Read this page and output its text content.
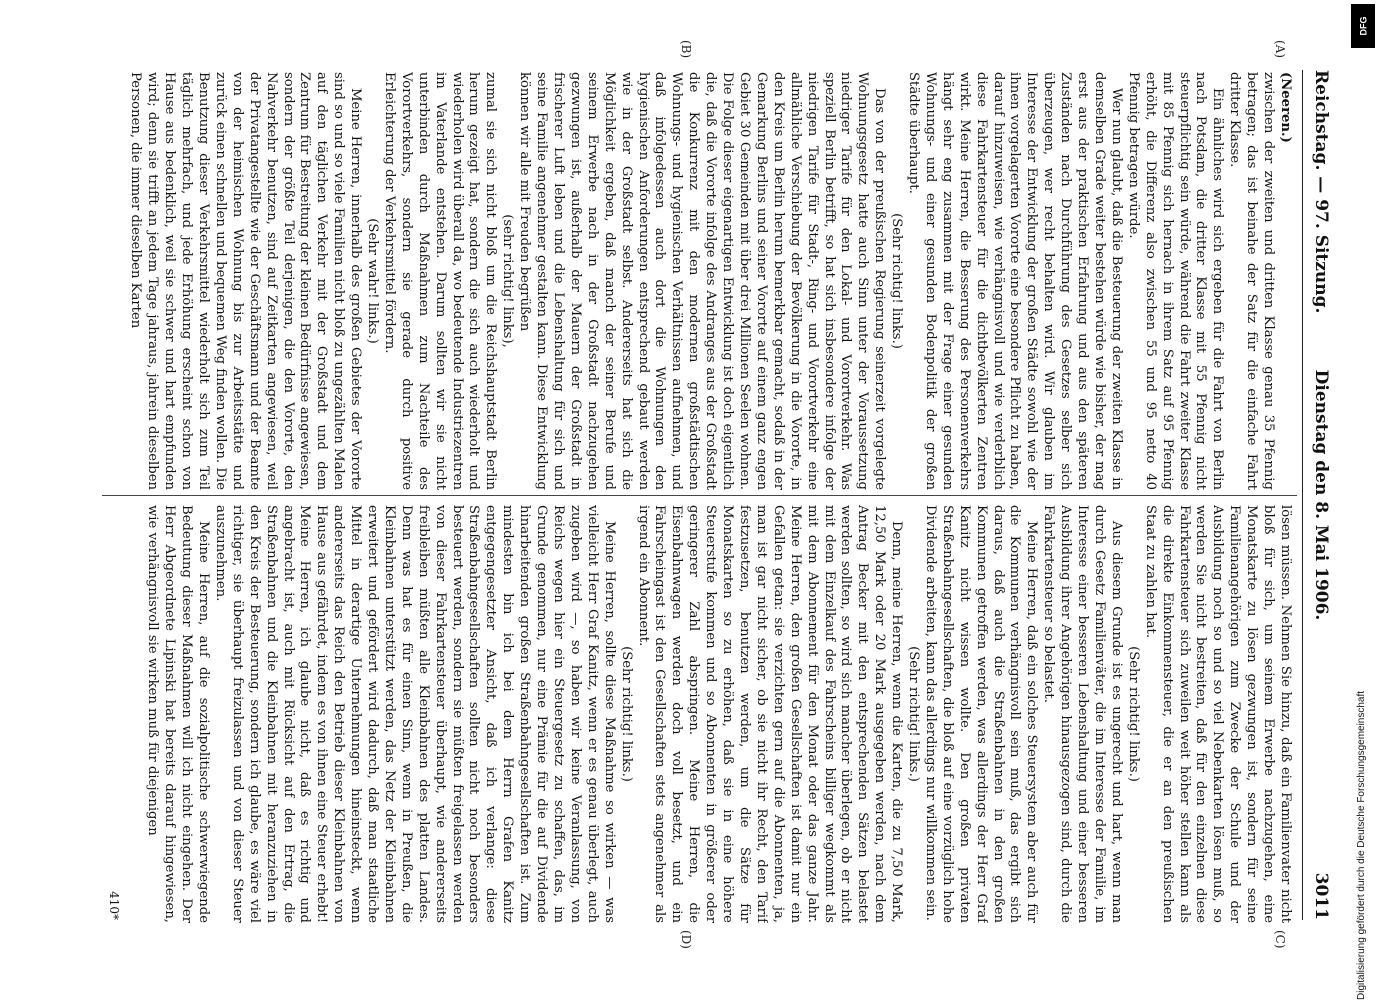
Reichstag. — 97. Sitzung.
Dienstag den 8. Mai 1906.
3011
(A)
(B)
(C)
(D)

(Neeren.)

zwischen der zweiten und dritten Klasse genau 35 Pfennig betragen; das ist beinahe der Satz für die einfache Fahrt dritter Klasse.

Ein ähnliches wird sich ergeben für die Fahrt von Berlin nach Potsdam, die dritter Klasse mit 55 Pfennig nicht steuerpflichtig sein würde, während die Fahrt zweiter Klasse mit 85 Pfennig sich hernach in ihrem Satz auf 95 Pfennig erhöht, die Differenz also zwischen 55 und 95 netto 40 Pfennig betragen würde.

Wer nun glaubt, daß die Besteuerung der zweiten Klasse in demselben Grade weiter bestehen würde wie bisher, der mag erst aus der praktischen Erfahrung und aus den späteren Zuständen nach Durchführung des Gesetzes selber sich überzeugen, wer recht behalten wird. Wir glauben im Interesse der Entwicklung der großen Städte sowohl wie der ihnen vorgelagerten Vororte eine besondere Pflicht zu haben, darauf hinzuweisen, wie verhängnisvoll und wie verderblich diese Fahrkartensteuer für die dichtbevölkerten Zentren wirkt. Meine Herren, die Besserung des Personenverkehrs hängt sehr eng zusammen mit der Frage einer gesunden Wohnungs- und einer gesunden Bodenpolitik der großen Städte überhaupt.

(Sehr richtig! links.)

Das von der preußischen Regierung seinerzeit vorgelegte Wohnungsgesetz hatte auch Sinn unter der Voraussetzung niedriger Tarife für den Lokal- und Vorortverkehr. Was speziell Berlin betrifft, so hat sich insbesondere infolge der niedrigen Tarife für Stadt-, Ring- und Vorortverkehr eine allmähliche Verschiebung der Bevölkerung in die Vororte, in den Kreis um Berlin herum bemerkbar gemacht, sodaß in der Gemarkung Berlins und seiner Vororte auf einem ganz engen Gebiet 30 Gemeinden mit über drei Millionen Seelen wohnen. Die Folge dieser eigenartigen Entwicklung ist doch eigentlich die, daß die Vororte infolge des Andranges aus der Großstadt die Konkurrenz mit den modernen großstädtischen Wohnungs- und hygienischen Verhältnissen aufnehmen, und daß infolgedessen auch dort die Wohnungen den hygienischen Anforderungen entsprechend gebaut werden wie in der Großstadt selbst. Andererseits hat sich die Möglichkeit ergeben, daß manch der seiner Berufe und seinem Erwerbe nach in der Großstadt nachzugehen gezwungen ist, außerhalb der Mauern der Großstadt in frischerer Luft leben und die Lebenshaltung für sich und seine Familie angenehmer gestalten kann. Diese Entwicklung können wir alle mit Freuden begrüßen

(sehr richtig! links),

zumal sie sich nicht bloß um die Reichshauptstadt Berlin herum gezeigt hat, sondern die sich auch wiederholt und wiederholen wird überall da, wo bedeutende Industriezentren im Vaterlande entstehen. Darum sollten wir sie nicht unterbinden durch Maßnahmen zum Nachteile des Vorortverkehrs, sondern sie gerade durch positive Erleichterung der Verkehrsmittel fördern.

(Sehr wahr! links.)

Meine Herren, innerhalb des großen Gebietes der Vororte sind so und so viele Familien nicht bloß zu ungezählten Malen auf den täglichen Verkehr mit der Großstadt und dem Zentrum für Bestreitung der kleinen Bedürfnisse angewiesen, sondern der größte Teil derjenigen, die den Vororte, den Nahverkehr benutzen, sind auf Zeitkarten angewiesen, weil der Privatangestellte wie der Geschäftsmann und der Beamte von der heimischen Wohnung bis zur Arbeitsstätte und zurück einen schnellen und bequemen Weg finden wollen. Die Benutzung dieser Verkehrsmittel wiederholt sich zum Teil täglich mehrfach, und jede Erhöhung erscheint schon von Hause aus bedenklich, weil sie schwer und hart empfunden wird; denn sie trifft an jedem Tage jahraus, jahrein dieselben Personen, die immer dieselben Karten

lösen müssen. Nehmen Sie hinzu, daß ein Familienvater nicht bloß für sich, um seinem Erwerbe nachzugehen, eine Monatskarte zu lösen gezwungen ist, sondern für seine Familienangehörigen zum Zwecke der Schule und der Ausbildung noch so und so viel Nebenkarten lösen muß, so werden Sie nicht bestreiten, daß für den einzelnen diese Fahrkartensteuer sich zuweilen weit höher stellen kann als die direkte Einkommensteuer, die er an den preußischen Staat zu zahlen hat.

(Sehr richtig! links.)

Aus diesem Grunde ist es ungerecht und hart, wenn man durch Gesetz Familienväter, die im Interesse der Familie, im Interesse einer besseren Lebenshaltung und einer besseren Ausbildung ihrer Angehörigen hinausgezogen sind, durch die Fahrkartensteuer so belastet.

Meine Herren, daß ein solches Steuersystem aber auch für die Kommunen verhängnisvoll sein muß, das ergibt sich daraus, daß auch die Straßenbahnen in den großen Kommunen getroffen werden, was allerdings der Herr Graf Kanitz nicht wissen wollte. Den großen privaten Straßenbahngesellschaften, die bloß auf eine vorzüglich hohe Dividende arbeiten, kann das allerdings nur willkommen sein.

(Sehr richtig! links.)

Denn, meine Herren, wenn die Karten, die zu 7,50 Mark, 12,50 Mark oder 20 Mark ausgegeben werden, nach dem Antrag Becker mit den entsprechenden Sätzen belastet werden sollten, so wird sich mancher überlegen, ob er nicht mit dem Einzelkauf des Fahrscheins billiger wegkommt als mit dem Abonnement für den Monat oder das ganze Jahr. Meine Herren, den großen Gesellschaften ist damit nur ein Gefallen getan: sie verzichten gern auf die Abonnenten, ja, man ist gar nicht sicher, ob sie nicht ihr Recht, den Tarif festzusetzen, benutzen werden, um die Sätze für Monatskarten so zu erhöhen, daß sie in eine höhere Steuerstufe kommen und so Abonnenten in größerer oder geringerer Zahl abspringen. Meine Herren, die Eisenbahnwagen werden doch voll besetzt, und ein Fahrscheingast ist den Gesellschaften stets angenehmer als irgend ein Abonnent.

(Sehr richtig! links.)

Meine Herren, sollte diese Maßnahme so wirken — was vielleicht Herr Graf Kanitz, wenn er es genau überlegt, auch zugeben wird —, so haben wir keine Veranlassung, von Reichs wegen hier ein Steuergesetz zu schaffen, das, im Grunde genommen, nur eine Prämie für die auf Dividende hinarbeitenden großen Straßenbahngesellschaften ist. Zum mindesten bin ich bei dem Herrn Grafen Kanitz entgegengesetzter Ansicht, daß ich verlange: diese Straßenbahngesellschaften sollten nicht noch besonders besteuert werden, sondern sie müßten freigelassen werden von dieser Fahrkartensteuer überhaupt, wie andererseits freibleiben müßten alle Kleinbahnen des platten Landes. Denn was hat es für einen Sinn, wenn in Preußen, die Kleinbahnen unterstützt werden, das Netz der Kleinbahnen erweitert und gefördert wird dadurch, daß man staatliche Mittel in derartige Unternehmungen hineinsteckt, wenn andererseits das Reich den Betrieb dieser Kleinbahnen von Hause aus gefährdet, indem es von ihnen eine Steuer erhebt! Meine Herren, ich glaube nicht, daß es richtig und angebracht ist, auch mit Rücksicht auf den Ertrag, die Straßenbahnen und die Kleinbahnen mit heranzuziehen in den Kreis der Besteuerung, sondern ich glaube, es wäre viel richtiger, sie überhaupt freizulassen und von dieser Steuer auszunehmen.

Meine Herren, auf die sozialpolitische schwerwiegende Bedeutung dieser Maßnahmen will ich nicht eingehen. Der Herr Abgeordnete Lipinski hat bereits darauf hingewiesen, wie verhängnisvoll sie wirken muß für diejenigen

410*
DFG
Digitalisierung gefördert durch die Deutsche Forschungsgemeinschaft
